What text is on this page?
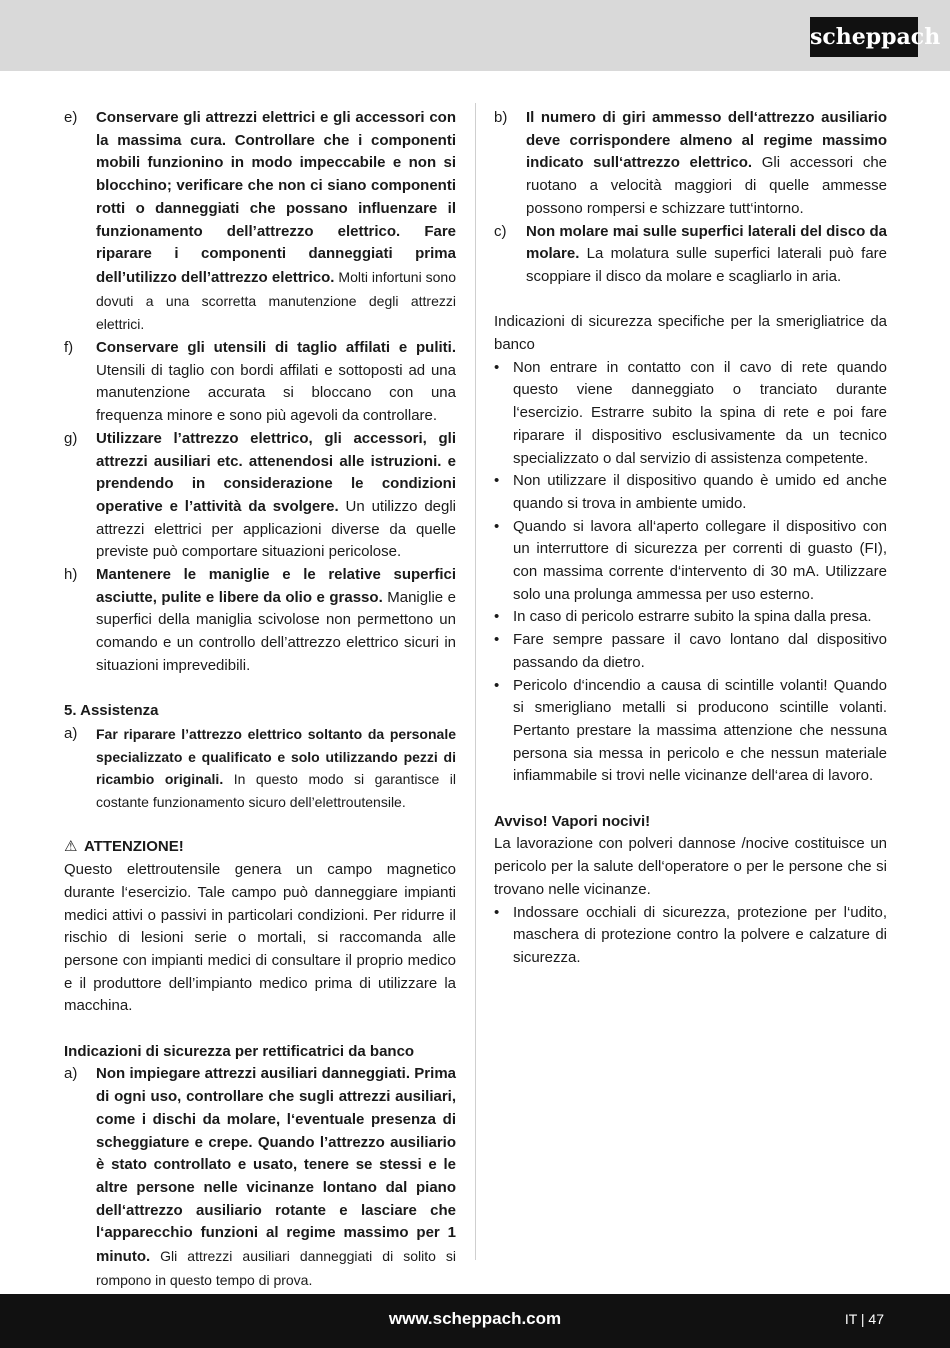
scheppach
e)	Conservare gli attrezzi elettrici e gli accessori con la massima cura. Controllare che i componenti mobili funzionino in modo impeccabile e non si blocchino; verificare che non ci siano componenti rotti o danneggiati che possano influenzare il funzionamento dell’attrezzo elettrico. Fare riparare i componenti danneggiati prima dell’utilizzo dell’attrezzo elettrico. Molti infortuni sono dovuti a una scorretta manutenzione degli attrezzi elettrici.
f)	Conservare gli utensili di taglio affilati e puliti. Utensili di taglio con bordi affilati e sottoposti ad una manutenzione accurata si bloccano con una frequenza minore e sono più agevoli da controllare.
g)	Utilizzare l’attrezzo elettrico, gli accessori, gli attrezzi ausiliari etc. attenendosi alle istruzioni. e prendendo in considerazione le condizioni operative e l’attività da svolgere. Un utilizzo degli attrezzi elettrici per applicazioni diverse da quelle previste può comportare situazioni pericolose.
h)	Mantenere le maniglie e le relative superfici asciutte, pulite e libere da olio e grasso. Maniglie e superfici della maniglia scivolose non permettono un comando e un controllo dell’attrezzo elettrico sicuri in situazioni imprevedibili.

5. Assistenza

a)	Far riparare l’attrezzo elettrico soltanto da personale specializzato e qualificato e solo utilizzando pezzi di ricambio originali. In questo modo si garantisce il costante funzionamento sicuro dell’elettroutensile.

⚠ ATTENZIONE!

Questo elettroutensile genera un campo magnetico durante l‘esercizio. Tale campo può danneggiare impianti medici attivi o passivi in particolari condizioni. Per ridurre il rischio di lesioni serie o mortali, si raccomanda alle persone con impianti medici di consultare il proprio medico e il produttore dell’impianto medico prima di utilizzare la macchina.

Indicazioni di sicurezza per rettificatrici da banco

a)	Non impiegare attrezzi ausiliari danneggiati. Prima di ogni uso, controllare che sugli attrezzi ausiliari, come i dischi da molare, l‘eventuale presenza di scheggiature e crepe. Quando l’attrezzo ausiliario è stato controllato e usato, tenere se stessi e le altre persone nelle vicinanze lontano dal piano dell‘attrezzo ausiliario rotante e lasciare che l‘apparecchio funzioni al regime massimo per 1 minuto. Gli attrezzi ausiliari danneggiati di solito si rompono in questo tempo di prova.
b)	Il numero di giri ammesso dell‘attrezzo ausiliario deve corrispondere almeno al regime massimo indicato sull‘attrezzo elettrico. Gli accessori che ruotano a velocità maggiori di quelle ammesse possono rompersi e schizzare tutt‘intorno.
c)	Non molare mai sulle superfici laterali del disco da molare. La molatura sulle superfici laterali può fare scoppiare il disco da molare e scagliarlo in aria.

Indicazioni di sicurezza specifiche per la smerigliatrice da banco

• Non entrare in contatto con il cavo di rete quando questo viene danneggiato o tranciato durante l‘esercizio. Estrarre subito la spina di rete e poi fare riparare il dispositivo esclusivamente da un tecnico specializzato o dal servizio di assistenza competente.
• Non utilizzare il dispositivo quando è umido ed anche quando si trova in ambiente umido.
• Quando si lavora all‘aperto collegare il dispositivo con un interruttore di sicurezza per correnti di guasto (FI), con massima corrente d‘intervento di 30 mA. Utilizzare solo una prolunga ammessa per uso esterno.
• In caso di pericolo estrarre subito la spina dalla presa.
• Fare sempre passare il cavo lontano dal dispositivo passando da dietro.
• Pericolo d‘incendio a causa di scintille volanti! Quando si smerigliano metalli si producono scintille volanti. Pertanto prestare la massima attenzione che nessuna persona sia messa in pericolo e che nessun materiale infiammabile si trovi nelle vicinanze dell‘area di lavoro.

Avviso! Vapori nocivi!

La lavorazione con polveri dannose /nocive costituisce un pericolo per la salute dell‘operatore o per le persone che si trovano nelle vicinanze.

• Indossare occhiali di sicurezza, protezione per l‘udito, maschera di protezione contro la polvere e calzature di sicurezza.
www.scheppach.com	IT | 47
